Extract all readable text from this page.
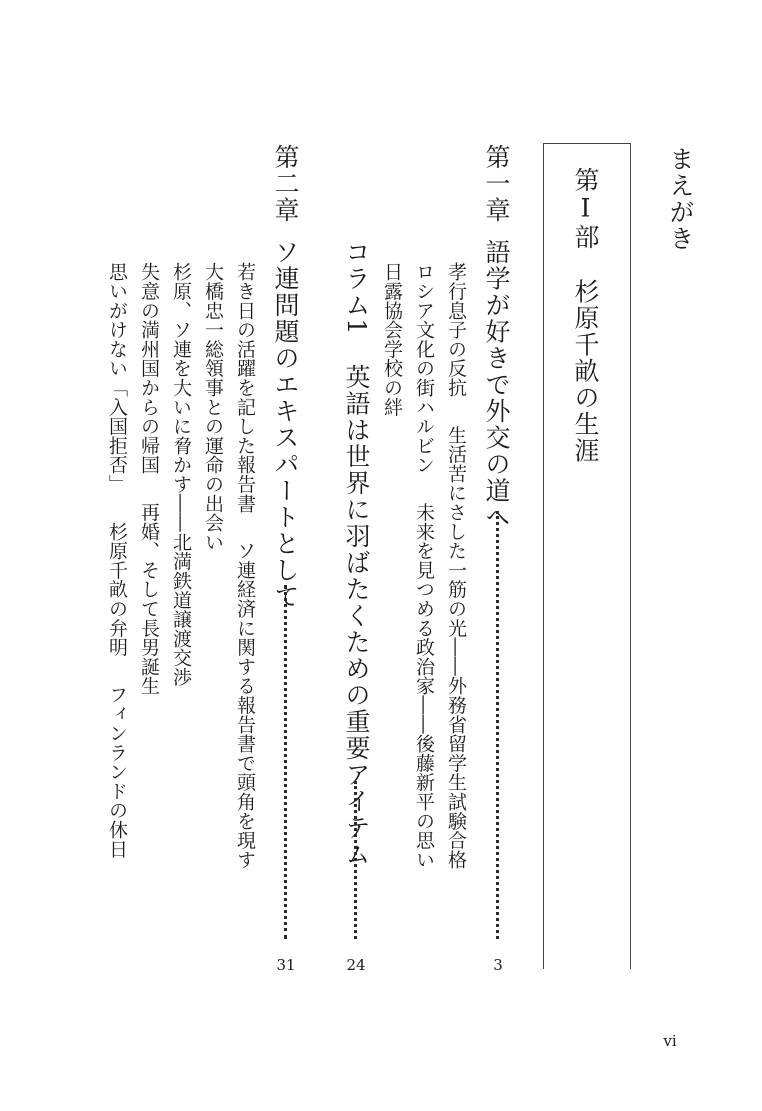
まえがき
第Ⅰ部杉原千畝の生涯
第一章
語学が好きで外交の道へ
3
孝行息子の反抗生活苦にさした一筋の光――外務省留学生試験合格
ロシア文化の街ハルビン未来を見つめる政治家――後藤新平の思い
日露協会学校の絆
コラム1英語は世界に羽ばたくための重要アイテム
24
第二章
ソ連問題のエキスパートとして
31
若き日の活躍を記した報告書ソ連経済に関する報告書で頭角を現す
大橋忠一総領事との運命の出会い
杉原、ソ連を大いに脅かす――北満鉄道譲渡交渉
失意の満州国からの帰国再婚、そして長男誕生
思いがけない「入国拒否」杉原千畝の弁明フィンランドの休日
vi
